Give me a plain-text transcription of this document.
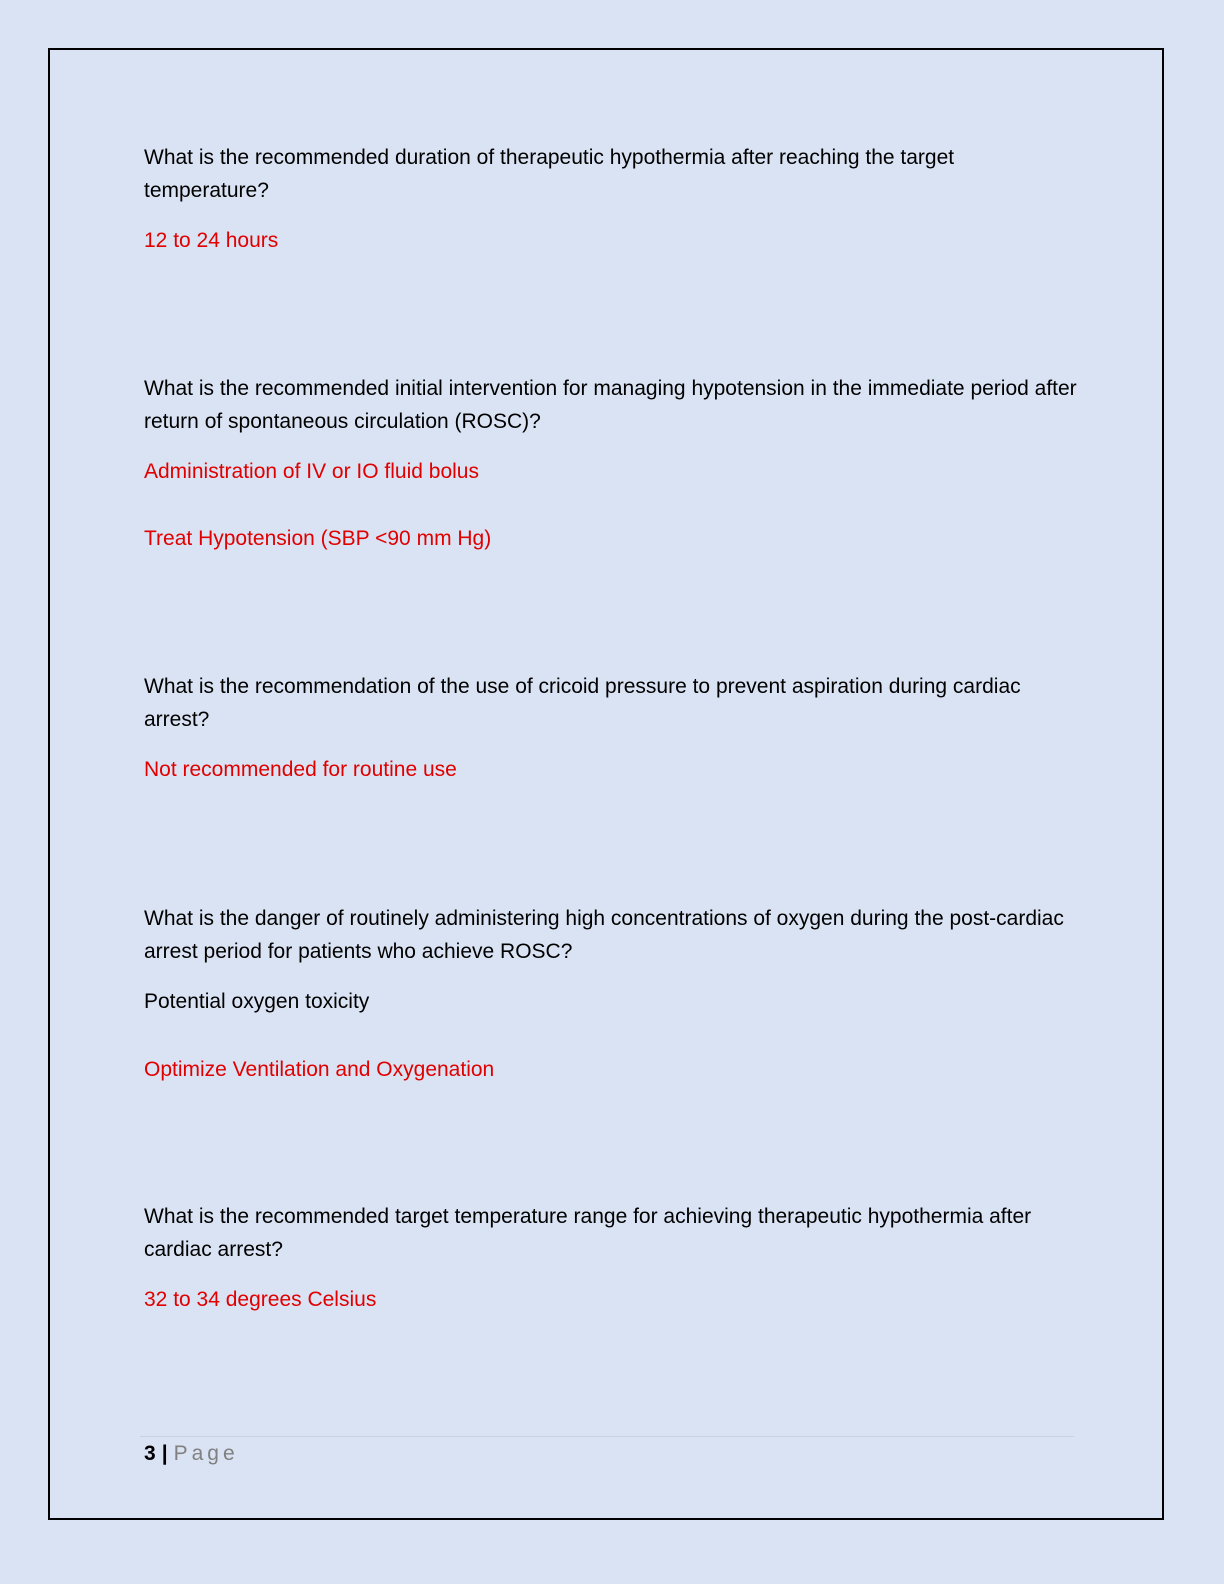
What is the recommended duration of therapeutic hypothermia after reaching the target temperature?

12 to 24 hours

What is the recommended initial intervention for managing hypotension in the immediate period after return of spontaneous circulation (ROSC)?

Administration of IV or IO fluid bolus

Treat Hypotension (SBP <90 mm Hg)

What is the recommendation of the use of cricoid pressure to prevent aspiration during cardiac arrest?

Not recommended for routine use

What is the danger of routinely administering high concentrations of oxygen during the post-cardiac arrest period for patients who achieve ROSC?

Potential oxygen toxicity

Optimize Ventilation and Oxygenation

What is the recommended target temperature range for achieving therapeutic hypothermia after cardiac arrest?

32 to 34 degrees Celsius

3 | Page
